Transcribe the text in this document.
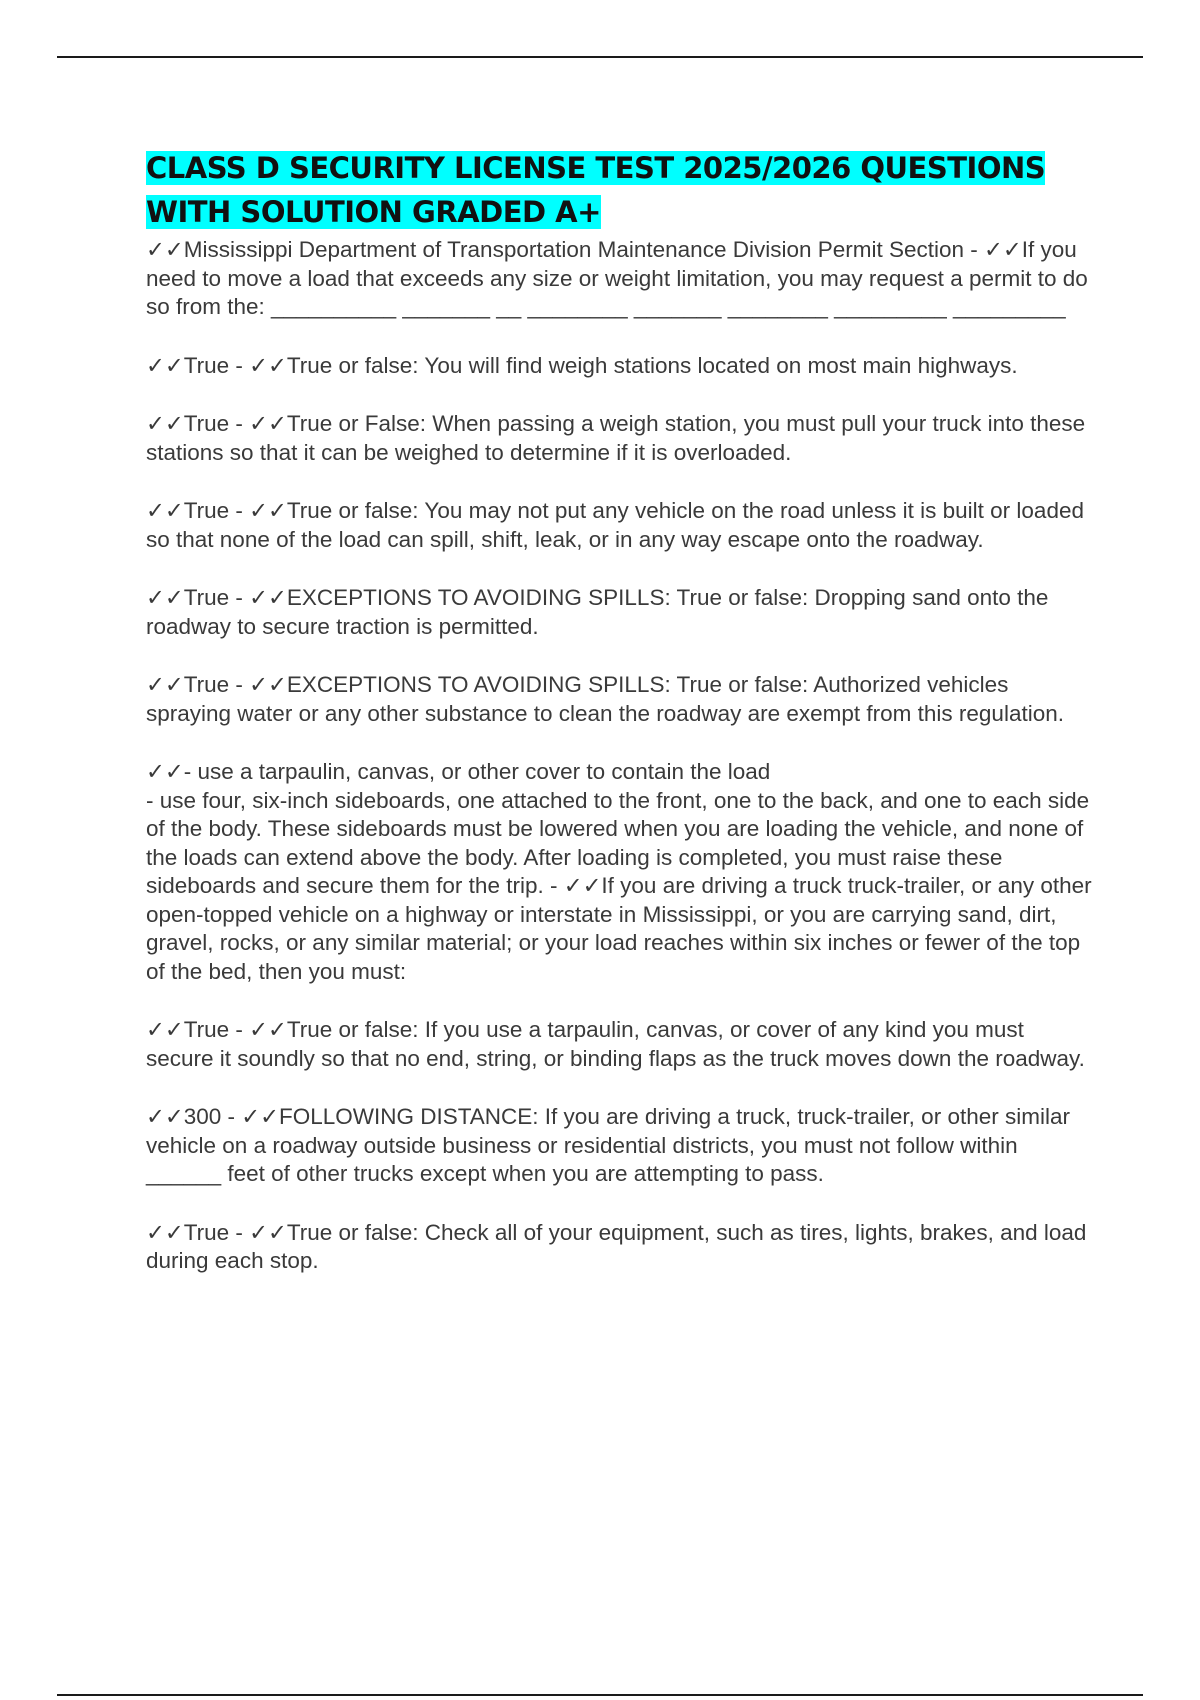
CLASS D SECURITY LICENSE TEST 2025/2026 QUESTIONS WITH SOLUTION GRADED A+

✓✓Mississippi Department of Transportation Maintenance Division Permit Section - ✓✓If you need to move a load that exceeds any size or weight limitation, you may request a permit to do so from the: __________ _______ __ ________ _______ ________ _________ _________

✓✓True - ✓✓True or false: You will find weigh stations located on most main highways.

✓✓True - ✓✓True or False: When passing a weigh station, you must pull your truck into these stations so that it can be weighed to determine if it is overloaded.

✓✓True - ✓✓True or false: You may not put any vehicle on the road unless it is built or loaded so that none of the load can spill, shift, leak, or in any way escape onto the roadway.

✓✓True - ✓✓EXCEPTIONS TO AVOIDING SPILLS: True or false: Dropping sand onto the roadway to secure traction is permitted.

✓✓True - ✓✓EXCEPTIONS TO AVOIDING SPILLS: True or false: Authorized vehicles spraying water or any other substance to clean the roadway are exempt from this regulation.

✓✓- use a tarpaulin, canvas, or other cover to contain the load
- use four, six-inch sideboards, one attached to the front, one to the back, and one to each side of the body. These sideboards must be lowered when you are loading the vehicle, and none of the loads can extend above the body. After loading is completed, you must raise these sideboards and secure them for the trip. - ✓✓If you are driving a truck truck-trailer, or any other open-topped vehicle on a highway or interstate in Mississippi, or you are carrying sand, dirt, gravel, rocks, or any similar material; or your load reaches within six inches or fewer of the top of the bed, then you must:

✓✓True - ✓✓True or false: If you use a tarpaulin, canvas, or cover of any kind you must secure it soundly so that no end, string, or binding flaps as the truck moves down the roadway.

✓✓300 - ✓✓FOLLOWING DISTANCE: If you are driving a truck, truck-trailer, or other similar vehicle on a roadway outside business or residential districts, you must not follow within ______ feet of other trucks except when you are attempting to pass.

✓✓True - ✓✓True or false: Check all of your equipment, such as tires, lights, brakes, and load during each stop.
